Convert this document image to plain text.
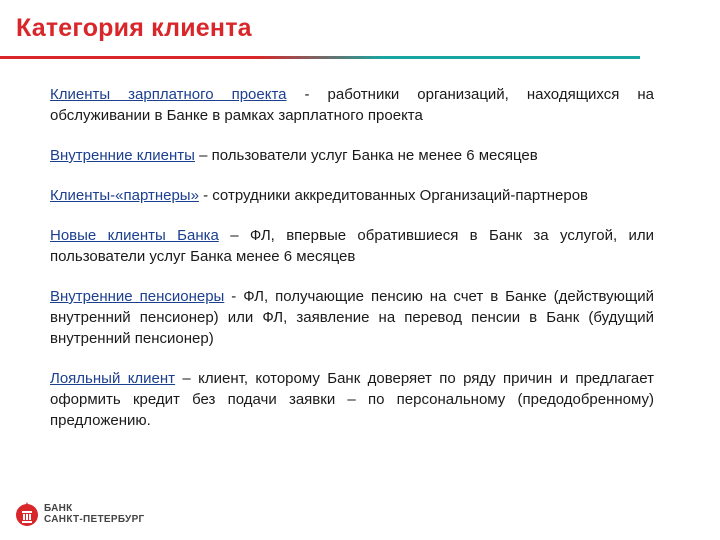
Категория клиента

Клиенты зарплатного проекта - работники организаций, находящихся на обслуживании в Банке в рамках зарплатного проекта

Внутренние клиенты – пользователи услуг Банка не менее 6 месяцев

Клиенты-«партнеры» - сотрудники аккредитованных Организаций-партнеров

Новые клиенты Банка – ФЛ, впервые обратившиеся в Банк за услугой, или пользователи услуг Банка менее 6 месяцев

Внутренние пенсионеры - ФЛ, получающие пенсию на счет в Банке (действующий внутренний пенсионер) или ФЛ, заявление на перевод пенсии в Банк (будущий внутренний пенсионер)

Лояльный клиент – клиент, которому Банк доверяет по ряду причин и предлагает оформить кредит без подачи заявки – по персональному (предодобренному) предложению.

БАНК
САНКТ-ПЕТЕРБУРГ
